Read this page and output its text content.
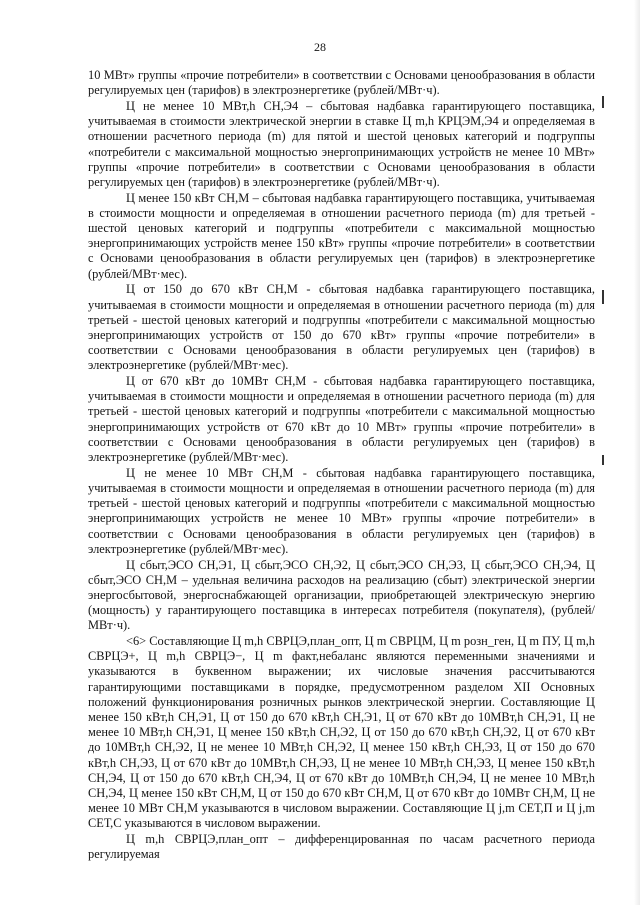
28

10 МВт» группы «прочие потребители» в соответствии с Основами ценообразования в области регулируемых цен (тарифов) в электроэнергетике (рублей/МВт·ч).

Ц не менее 10 МВт,h СН,Э4 – сбытовая надбавка гарантирующего поставщика, учитываемая в стоимости электрической энергии в ставке Ц m,h КРЦЭМ,Э4 и определяемая в отношении расчетного периода (m) для пятой и шестой ценовых категорий и подгруппы «потребители с максимальной мощностью энергопринимающих устройств не менее 10 МВт» группы «прочие потребители» в соответствии с Основами ценообразования в области регулируемых цен (тарифов) в электроэнергетике (рублей/МВт·ч).

Ц менее 150 кВт СН,М – сбытовая надбавка гарантирующего поставщика, учитываемая в стоимости мощности и определяемая в отношении расчетного периода (m) для третьей - шестой ценовых категорий и подгруппы «потребители с максимальной мощностью энергопринимающих устройств менее 150 кВт» группы «прочие потребители» в соответствии с Основами ценообразования в области регулируемых цен (тарифов) в электроэнергетике (рублей/МВт·мес).

Ц от 150 до 670 кВт СН,М - сбытовая надбавка гарантирующего поставщика, учитываемая в стоимости мощности и определяемая в отношении расчетного периода (m) для третьей - шестой ценовых категорий и подгруппы «потребители с максимальной мощностью энергопринимающих устройств от 150 до 670 кВт» группы «прочие потребители» в соответствии с Основами ценообразования в области регулируемых цен (тарифов) в электроэнергетике (рублей/МВт·мес).

Ц от 670 кВт до 10МВт СН,М - сбытовая надбавка гарантирующего поставщика, учитываемая в стоимости мощности и определяемая в отношении расчетного периода (m) для третьей - шестой ценовых категорий и подгруппы «потребители с максимальной мощностью энергопринимающих устройств от 670 кВт до 10 МВт» группы «прочие потребители» в соответствии с Основами ценообразования в области регулируемых цен (тарифов) в электроэнергетике (рублей/МВт·мес).

Ц не менее 10 МВт СН,М - сбытовая надбавка гарантирующего поставщика, учитываемая в стоимости мощности и определяемая в отношении расчетного периода (m) для третьей - шестой ценовых категорий и подгруппы «потребители с максимальной мощностью энергопринимающих устройств не менее 10 МВт» группы «прочие потребители» в соответствии с Основами ценообразования в области регулируемых цен (тарифов) в электроэнергетике (рублей/МВт·мес).

Ц сбыт,ЭСО СН,Э1, Ц сбыт,ЭСО СН,Э2, Ц сбыт,ЭСО СН,Э3, Ц сбыт,ЭСО СН,Э4, Ц сбыт,ЭСО СН,М – удельная величина расходов на реализацию (сбыт) электрической энергии энергосбытовой, энергоснабжающей организации, приобретающей электрическую энергию (мощность) у гарантирующего поставщика в интересах потребителя (покупателя), (рублей/МВт·ч).

<6> Составляющие Ц m,h СВРЦЭ,план_опт, Ц m СВРЦМ, Ц m розн_ген, Ц m ПУ, Ц m,h СВРЦЭ+, Ц m,h СВРЦЭ−, Ц m факт,небаланс являются переменными значениями и указываются в буквенном выражении; их числовые значения рассчитываются гарантирующими поставщиками в порядке, предусмотренном разделом XII Основных положений функционирования розничных рынков электрической энергии. Составляющие Ц менее 150 кВт,h СН,Э1, Ц от 150 до 670 кВт,h СН,Э1, Ц от 670 кВт до 10МВт,h СН,Э1, Ц не менее 10 МВт,h СН,Э1, Ц менее 150 кВт,h СН,Э2, Ц от 150 до 670 кВт,h СН,Э2, Ц от 670 кВт до 10МВт,h СН,Э2, Ц не менее 10 МВт,h СН,Э2, Ц менее 150 кВт,h СН,Э3, Ц от 150 до 670 кВт,h СН,Э3, Ц от 670 кВт до 10МВт,h СН,Э3, Ц не менее 10 МВт,h СН,Э3, Ц менее 150 кВт,h СН,Э4, Ц от 150 до 670 кВт,h СН,Э4, Ц от 670 кВт до 10МВт,h СН,Э4, Ц не менее 10 МВт,h СН,Э4, Ц менее 150 кВт СН,М, Ц от 150 до 670 кВт СН,М, Ц от 670 кВт до 10МВт СН,М, Ц не менее 10 МВт СН,М указываются в числовом выражении. Составляющие Ц j,m СЕТ,П и Ц j,m СЕТ,С указываются в числовом выражении.

Ц m,h СВРЦЭ,план_опт – дифференцированная по часам расчетного периода регулируемая
